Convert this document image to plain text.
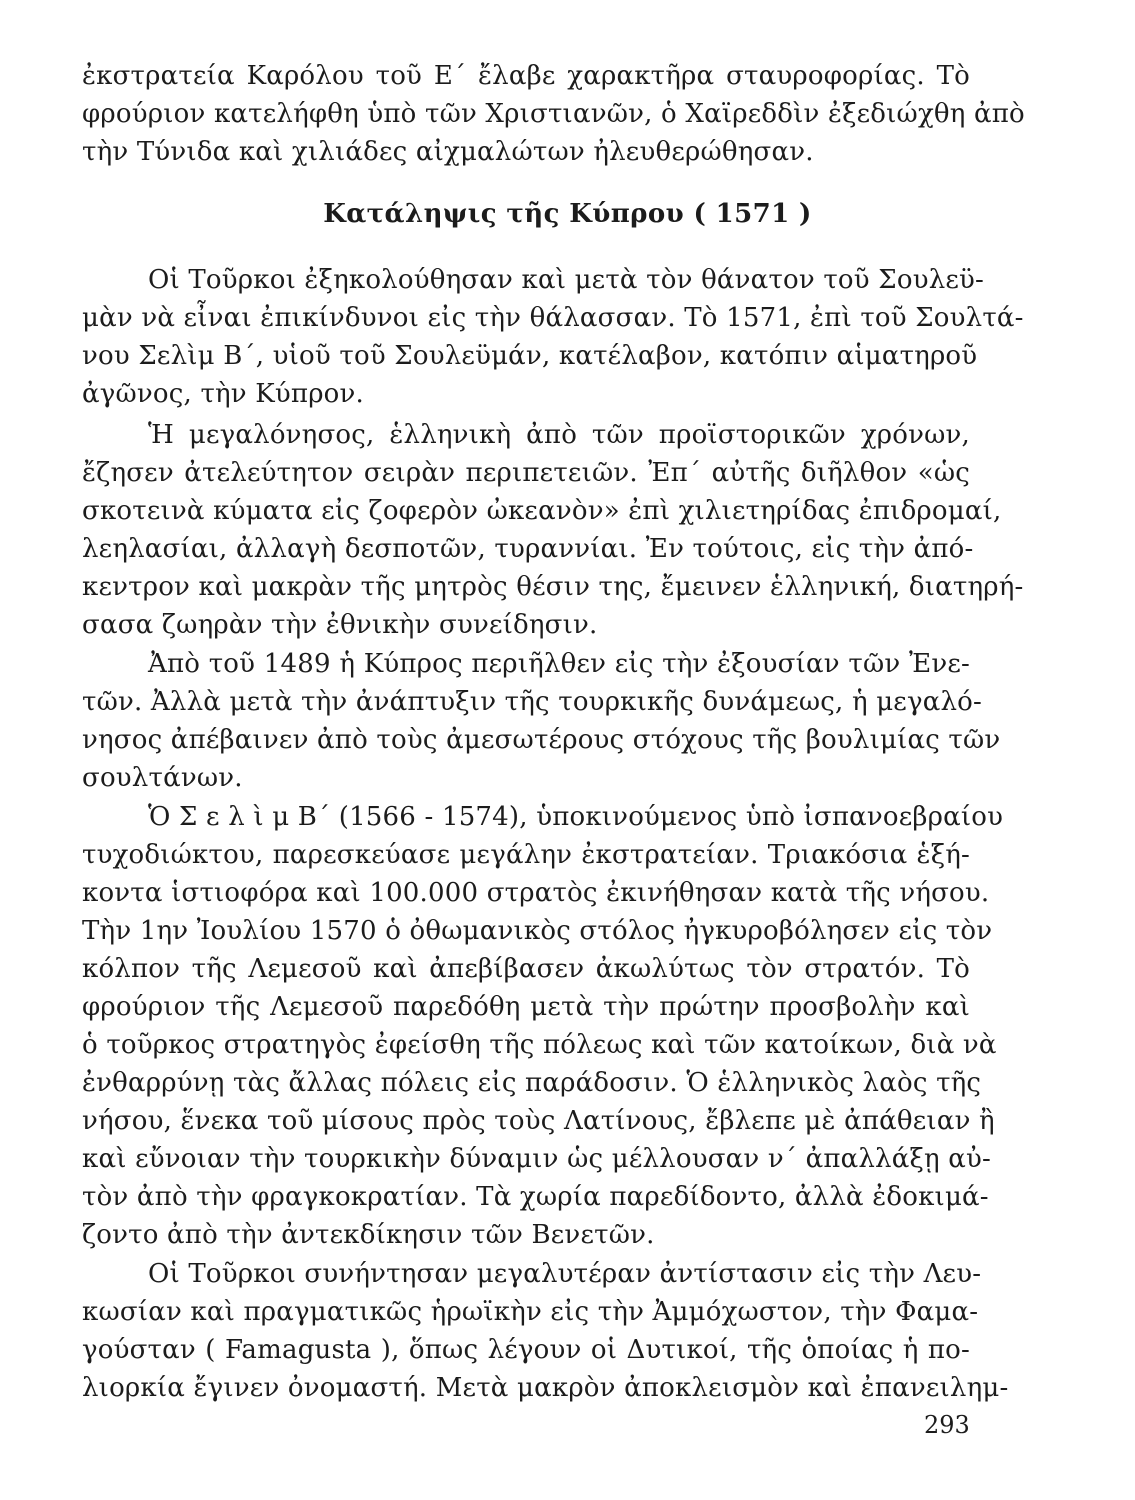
ἐκστρατεία Καρόλου τοῦ Ε΄ ἔλαβε χαρακτῆρα σταυροφορίας. Τὸ
φρούριον κατελήφθη ὑπὸ τῶν Χριστιανῶν, ὁ Χαϊρεδδὶν ἐξεδιώχθη ἀπὸ
τὴν Τύνιδα καὶ χιλιάδες αἰχμαλώτων ἠλευθερώθησαν.
Κατάληψις τῆς Κύπρου ( 1571 )
Οἱ Τοῦρκοι ἐξηκολούθησαν καὶ μετὰ τὸν θάνατον τοῦ Σουλεϋ-
μὰν νὰ εἶναι ἐπικίνδυνοι εἰς τὴν θάλασσαν. Τὸ 1571, ἐπὶ τοῦ Σουλτά-
νου Σελὶμ Β΄, υἱοῦ τοῦ Σουλεϋμάν, κατέλαβον, κατόπιν αἱματηροῦ
ἀγῶνος, τὴν Κύπρον.
Ἡ μεγαλόνησος, ἑλληνικὴ ἀπὸ τῶν προϊστορικῶν χρόνων,
ἔζησεν ἀτελεύτητον σειρὰν περιπετειῶν. Ἐπ΄ αὐτῆς διῆλθον «ὡς
σκοτεινὰ κύματα εἰς ζοφερὸν ὠκεανὸν» ἐπὶ χιλιετηρίδας ἐπιδρομαί,
λεηλασίαι, ἀλλαγὴ δεσποτῶν, τυραννίαι. Ἐν τούτοις, εἰς τὴν ἀπό-
κεντρον καὶ μακρὰν τῆς μητρὸς θέσιν της, ἔμεινεν ἑλληνική, διατηρή-
σασα ζωηρὰν τὴν ἐθνικὴν συνείδησιν.
Ἀπὸ τοῦ 1489 ἡ Κύπρος περιῆλθεν εἰς τὴν ἐξουσίαν τῶν Ἐνε-
τῶν. Ἀλλὰ μετὰ τὴν ἀνάπτυξιν τῆς τουρκικῆς δυνάμεως, ἡ μεγαλό-
νησος ἀπέβαινεν ἀπὸ τοὺς ἀμεσωτέρους στόχους τῆς βουλιμίας τῶν
σουλτάνων.
Ὁ Σ ε λ ὶ μ Β΄ (1566 - 1574), ὑποκινούμενος ὑπὸ ἰσπανοεβραίου
τυχοδιώκτου, παρεσκεύασε μεγάλην ἐκστρατείαν. Τριακόσια ἑξή-
κοντα ἱστιοφόρα καὶ 100.000 στρατὸς ἐκινήθησαν κατὰ τῆς νήσου.
Τὴν 1ην Ἰουλίου 1570 ὁ ὀθωμανικὸς στόλος ἠγκυροβόλησεν εἰς τὸν
κόλπον τῆς Λεμεσοῦ καὶ ἀπεβίβασεν ἀκωλύτως τὸν στρατόν. Τὸ
φρούριον τῆς Λεμεσοῦ παρεδόθη μετὰ τὴν πρώτην προσβολὴν καὶ
ὁ τοῦρκος στρατηγὸς ἐφείσθη τῆς πόλεως καὶ τῶν κατοίκων, διὰ νὰ
ἐνθαρρύνῃ τὰς ἄλλας πόλεις εἰς παράδοσιν. Ὁ ἑλληνικὸς λαὸς τῆς
νήσου, ἕνεκα τοῦ μίσους πρὸς τοὺς Λατίνους, ἔβλεπε μὲ ἀπάθειαν ἢ
καὶ εὔνοιαν τὴν τουρκικὴν δύναμιν ὡς μέλλουσαν ν΄ ἀπαλλάξῃ αὐ-
τὸν ἀπὸ τὴν φραγκοκρατίαν. Τὰ χωρία παρεδίδοντο, ἀλλὰ ἐδοκιμά-
ζοντο ἀπὸ τὴν ἀντεκδίκησιν τῶν Βενετῶν.
Οἱ Τοῦρκοι συνήντησαν μεγαλυτέραν ἀντίστασιν εἰς τὴν Λευ-
κωσίαν καὶ πραγματικῶς ἡρωϊκὴν εἰς τὴν Ἀμμόχωστον, τὴν Φαμα-
γούσταν ( Famagusta ), ὅπως λέγουν οἱ Δυτικοί, τῆς ὁποίας ἡ πο-
λιορκία ἔγινεν ὀνομαστή. Μετὰ μακρὸν ἀποκλεισμὸν καὶ ἐπανειλημ-
293
